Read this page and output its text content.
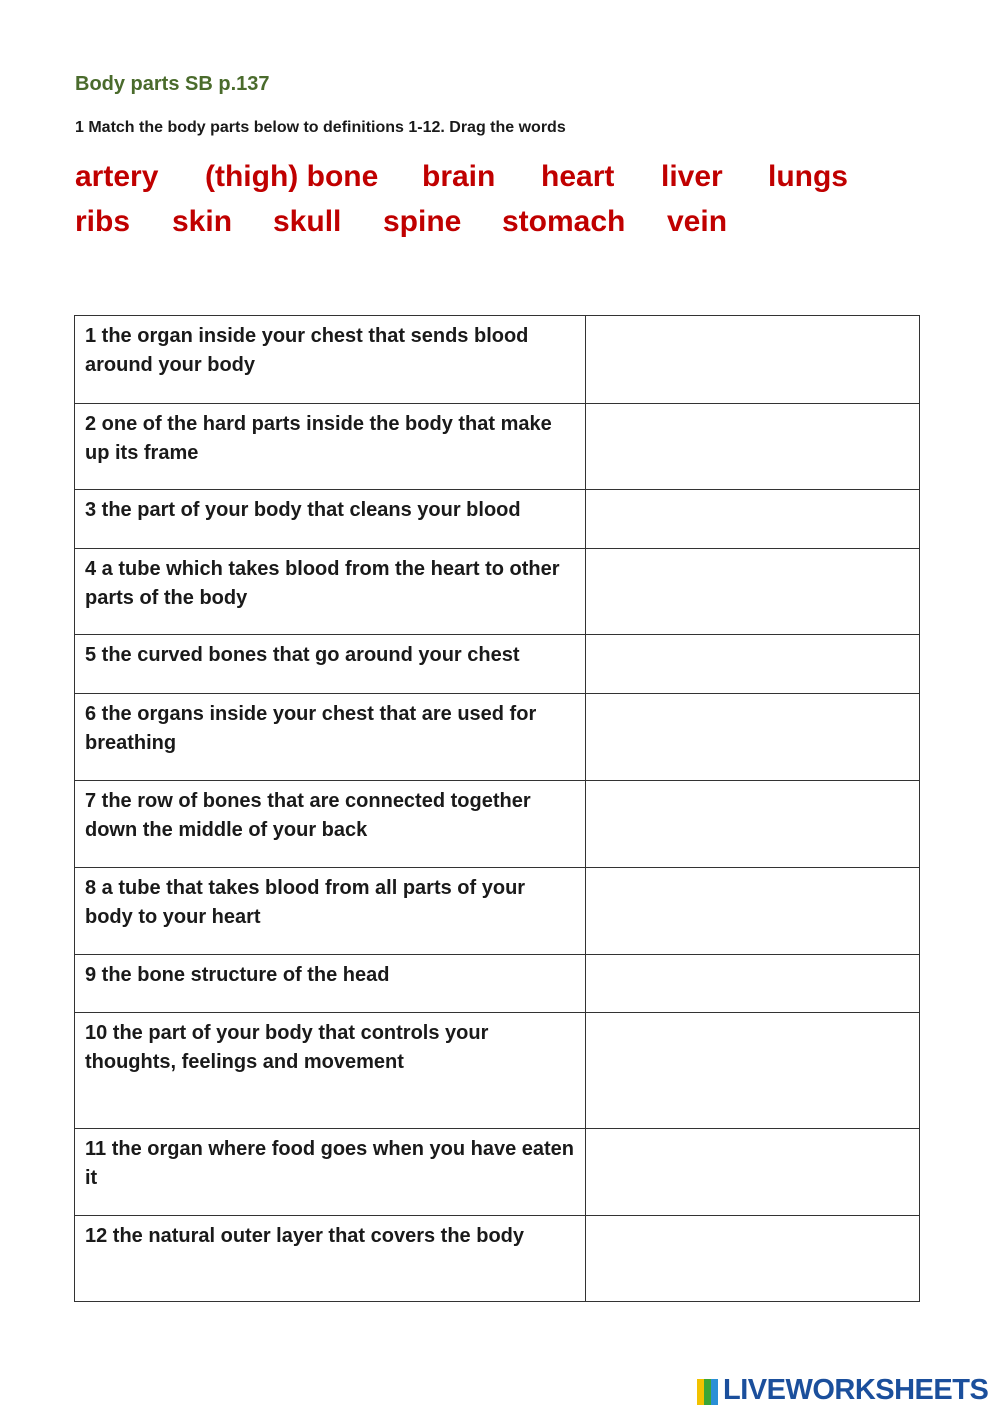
Body parts SB p.137
1 Match the body parts below to definitions 1-12. Drag the words
artery (thigh) bone brain heart liver lungs
ribs skin skull spine stomach vein
1 the organ inside your chest that sends blood around your body	
2 one of the hard parts inside the body that make up its frame	
3 the part of your body that cleans your blood	
4 a tube which takes blood from the heart to other parts of the body	
5 the curved bones that go around your chest	
6 the organs inside your chest that are used for breathing	
7 the row of bones that are connected together down the middle of your back	
8 a tube that takes blood from all parts of your body to your heart	
9 the bone structure of the head	
10 the part of your body that controls your thoughts, feelings and movement	
11 the organ where food goes when you have eaten it	
12 the natural outer layer that covers the body	
LIVEWORKSHEETS
